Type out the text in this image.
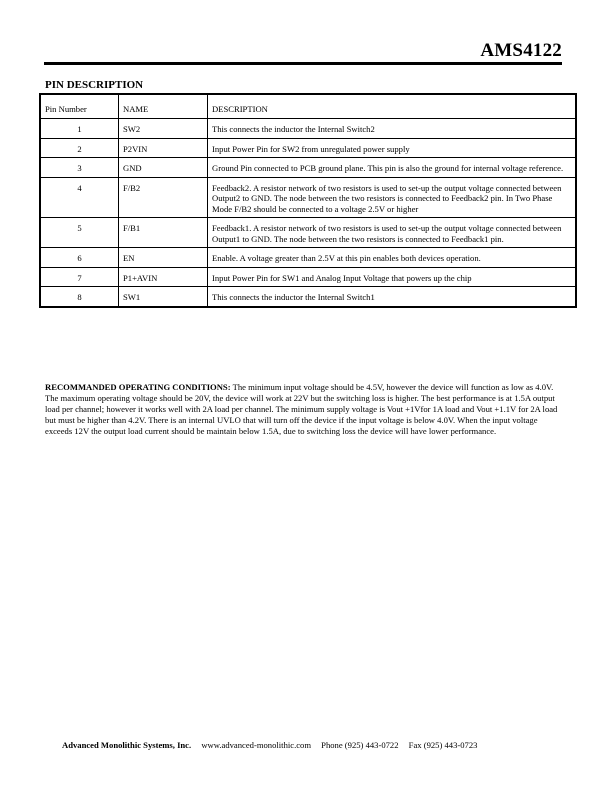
AMS4122
PIN DESCRIPTION
Pin Number	NAME	DESCRIPTION
1	SW2	This connects the inductor the Internal Switch2
2	P2VIN	Input Power Pin for SW2 from unregulated power supply
3	GND	Ground Pin connected to PCB ground plane. This pin is also the ground for internal voltage reference.
4	F/B2	Feedback2. A resistor network of two resistors is used to set-up the output voltage connected between Output2 to GND. The node between the two resistors is connected to Feedback2 pin. In Two Phase Mode F/B2 should be connected to a voltage 2.5V or higher
5	F/B1	Feedback1. A resistor network of two resistors is used to set-up the output voltage connected between Output1 to GND. The node between the two resistors is connected to Feedback1 pin.
6	EN	Enable. A voltage greater than 2.5V at this pin enables both devices operation.
7	P1+AVIN	Input Power Pin for SW1 and Analog Input Voltage that powers up the chip
8	SW1	This connects the inductor the Internal Switch1
RECOMMANDED OPERATING CONDITIONS: The minimum input voltage should be 4.5V, however the device will function as low as 4.0V. The maximum operating voltage should be 20V, the device will work at 22V but the switching loss is higher. The best performance is at 1.5A output load per channel; however it works well with 2A load per channel. The minimum supply voltage is Vout +1Vfor 1A load and Vout +1.1V for 2A load but must be higher than 4.2V. There is an internal UVLO that will turn off the device if the input voltage is below 4.0V. When the input voltage exceeds 12V the output load current should be maintain below 1.5A, due to switching loss the device will have lower performance.
Advanced Monolithic Systems, Inc. www.advanced-monolithic.com Phone (925) 443-0722 Fax (925) 443-0723
